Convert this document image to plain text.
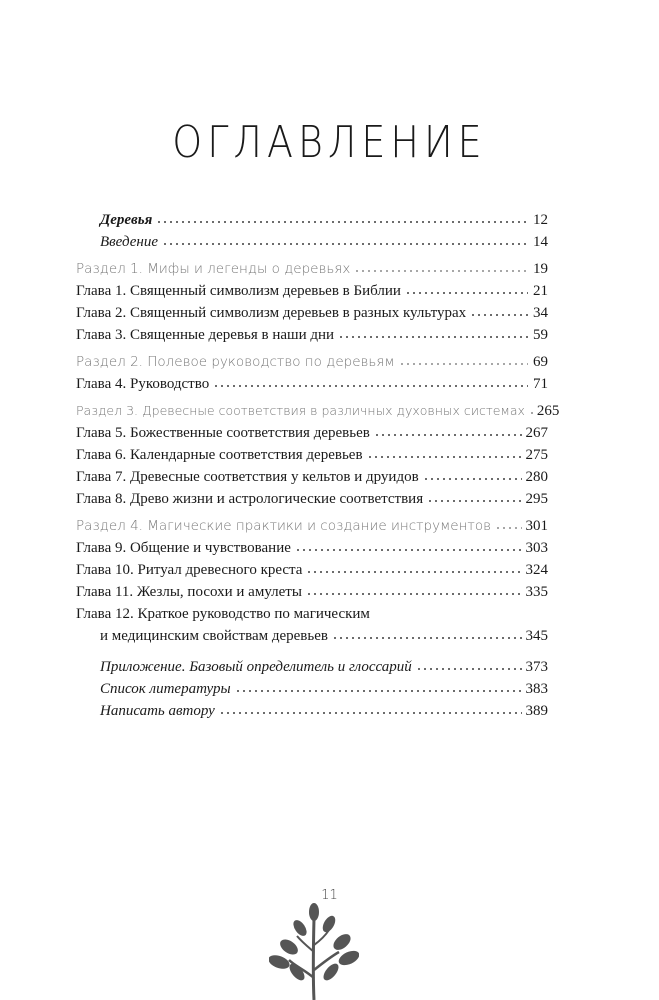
ОГЛАВЛЕНИЕ
Деревья	12
Введение	14
Раздел 1. Мифы и легенды о деревьях	19
Глава 1. Священный символизм деревьев в Библии	21
Глава 2. Священный символизм деревьев в разных культурах	34
Глава 3. Священные деревья в наши дни	59
Раздел 2. Полевое руководство по деревьям	69
Глава 4. Руководство	71
Раздел 3. Древесные соответствия в различных духовных системах 265
Глава 5. Божественные соответствия деревьев	267
Глава 6. Календарные соответствия деревьев	275
Глава 7. Древесные соответствия у кельтов и друидов	280
Глава 8. Древо жизни и астрологические соответствия	295
Раздел 4. Магические практики и создание инструментов 301
Глава 9. Общение и чувствование	303
Глава 10. Ритуал древесного креста	324
Глава 11. Жезлы, посохи и амулеты	335
Глава 12. Краткое руководство по магическим
и медицинским свойствам деревьев	345
Приложение. Базовый определитель и глоссарий	373
Список литературы	383
Написать автору	389
11
